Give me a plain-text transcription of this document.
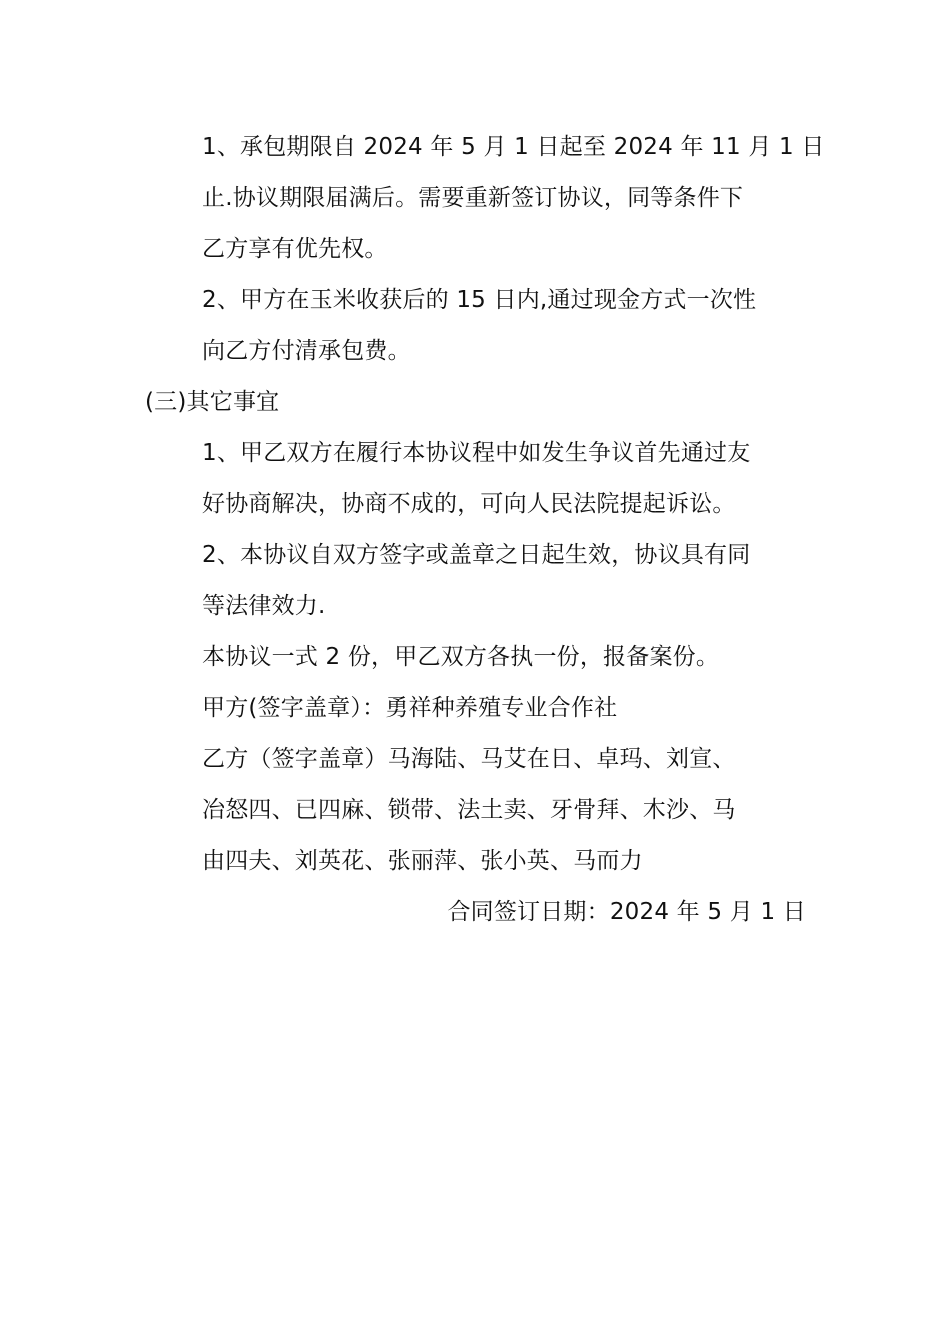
1、承包期限自 2024 年 5 月 1 日起至 2024 年 11 月 1 日

止.协议期限届满后。需要重新签订协议，同等条件下

乙方享有优先权。

2、甲方在玉米收获后的 15 日内,通过现金方式一次性

向乙方付清承包费。

(三)其它事宜

1、甲乙双方在履行本协议程中如发生争议首先通过友

好协商解决，协商不成的，可向人民法院提起诉讼。

2、本协议自双方签字或盖章之日起生效，协议具有同

等法律效力.

本协议一式 2 份，甲乙双方各执一份，报备案份。

甲方(签字盖章）：勇祥种养殖专业合作社

乙方（签字盖章）马海陆、马艾在日、卓玛、刘宣、

冶怒四、已四麻、锁带、法土卖、牙骨拜、木沙、马

由四夫、刘英花、张丽萍、张小英、马而力

合同签订日期：2024 年 5 月 1 日
